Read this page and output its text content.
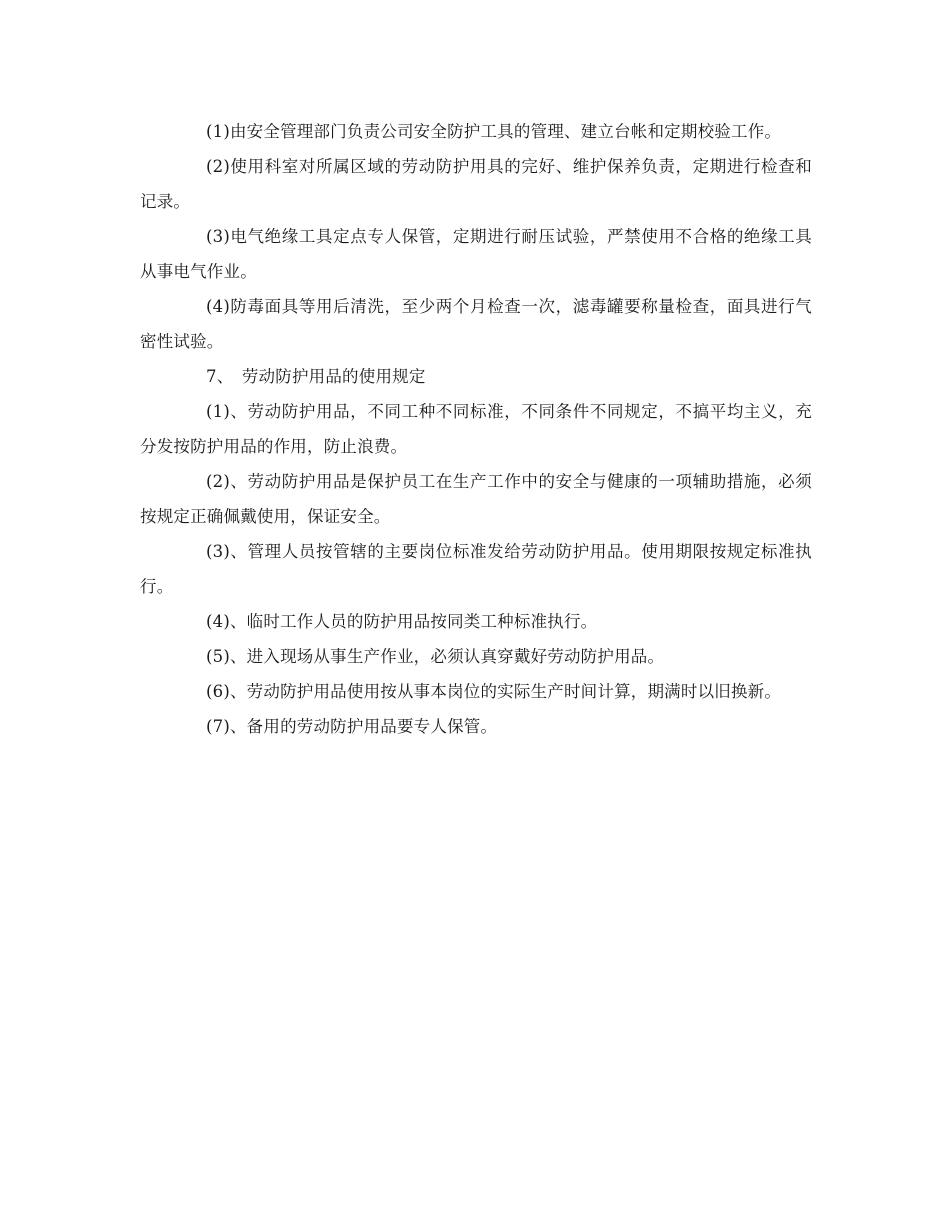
(1)由安全管理部门负责公司安全防护工具的管理、建立台帐和定期校验工作。

(2)使用科室对所属区域的劳动防护用具的完好、维护保养负责，定期进行检查和记录。

(3)电气绝缘工具定点专人保管，定期进行耐压试验，严禁使用不合格的绝缘工具从事电气作业。

(4)防毒面具等用后清洗，至少两个月检查一次，滤毒罐要称量检查，面具进行气密性试验。

7、　劳动防护用品的使用规定

(1)、劳动防护用品，不同工种不同标准，不同条件不同规定，不搞平均主义，充分发按防护用品的作用，防止浪费。

(2)、劳动防护用品是保护员工在生产工作中的安全与健康的一项辅助措施，必须按规定正确佩戴使用，保证安全。

(3)、管理人员按管辖的主要岗位标准发给劳动防护用品。使用期限按规定标准执行。

(4)、临时工作人员的防护用品按同类工种标准执行。

(5)、进入现场从事生产作业，必须认真穿戴好劳动防护用品。

(6)、劳动防护用品使用按从事本岗位的实际生产时间计算，期满时以旧换新。

(7)、备用的劳动防护用品要专人保管。
